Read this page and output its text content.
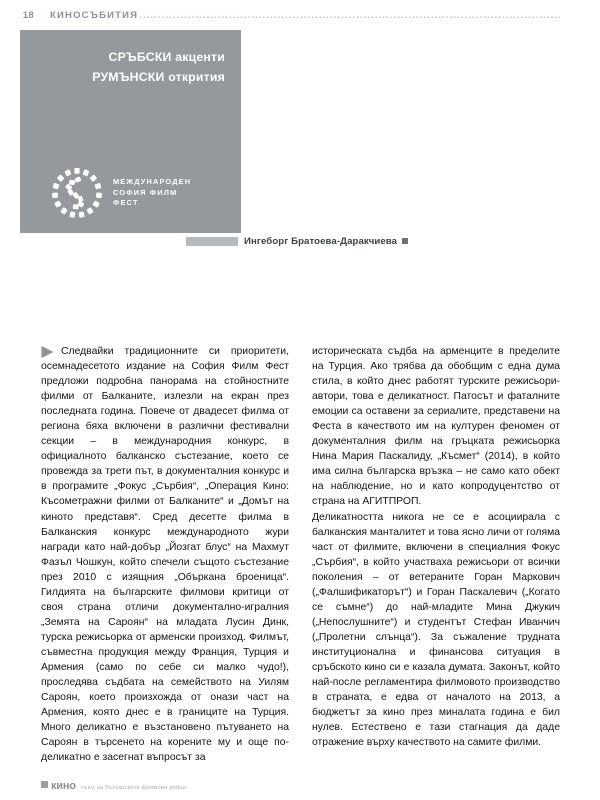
18 КИНОСЪБИТИЯ .................................................................................................................
СРЪБСКИ акценти
РУМЪНСКИ открития
МЕЖДУНАРОДЕН
СОФИЯ ФИЛМ
ФЕСТ
Ингеборг Братоева-Даракчиева

Следвайки традиционните си приоритети, осемнадесетото издание на София Филм Фест предложи подробна панорама на стойностните филми от Балканите, излезли на екран през последната година. Повече от двадесет филма от региона бяха включени в различни фестивални секции – в международния конкурс, в официалното балканско състезание, което се провежда за трети път, в документалния конкурс и в програмите „Фокус „Сърбия“, „Операция Кино: Късометражни филми от Балканите“ и „Домът на киното представя“. Сред десетте филма в Балканския конкурс международното жури награди като най-добър „Йозгат блус“ на Махмут Фазъл Чошкун, който спечели същото състезание през 2010 с изящния „Объркана броеница“. Гилдията на българските филмови критици от своя страна отличи документално-игралния „Земята на Сароян“ на младата Лусин Динк, турска режисьорка от арменски произход. Филмът, съвместна продукция между Франция, Турция и Армения (само по себе си малко чудо!), проследява съдбата на семейството на Уилям Сароян, което произхожда от онази част на Армения, която днес е в границите на Турция. Много деликатно е възстановено пътуването на Сароян в търсенето на корените му и още по-деликатно е засегнат въпросът за

историческата съдба на арменците в пределите на Турция. Ако трябва да обобщим с една дума стила, в който днес работят турските режисьори-автори, това е деликатност. Патосът и фаталните емоции са оставени за сериалите, представени на Феста в качеството им на културен феномен от документалния филм на гръцката режисьорка Нина Мария Паскалиду, „Късмет“ (2014), в който има силна българска връзка – не само като обект на наблюдение, но и като копродуцентство от страна на АГИТПРОП.

Деликатността никога не се е асоциирала с балканския манталитет и това ясно личи от голяма част от филмите, включени в специалния Фокус „Сърбия“, в който участваха режисьори от всички поколения – от ветераните Горан Маркович („Фалшификаторът“) и Горан Паскалевич („Когато се съмне“) до най-младите Мина Джукич („Непослушните“) и студентът Стефан Иванчич („Пролетни слънца“). За съжаление трудната институционална и финансова ситуация в сръбското кино си е казала думата. Законът, който най-после регламентира филмовото производство в страната, е едва от началото на 2013, а бюджетът за кино през миналата година е бил нулев. Естествено е тази стагнация да даде отражение върху качеството на самите филми.

кино съюз на българските филмови дейци
